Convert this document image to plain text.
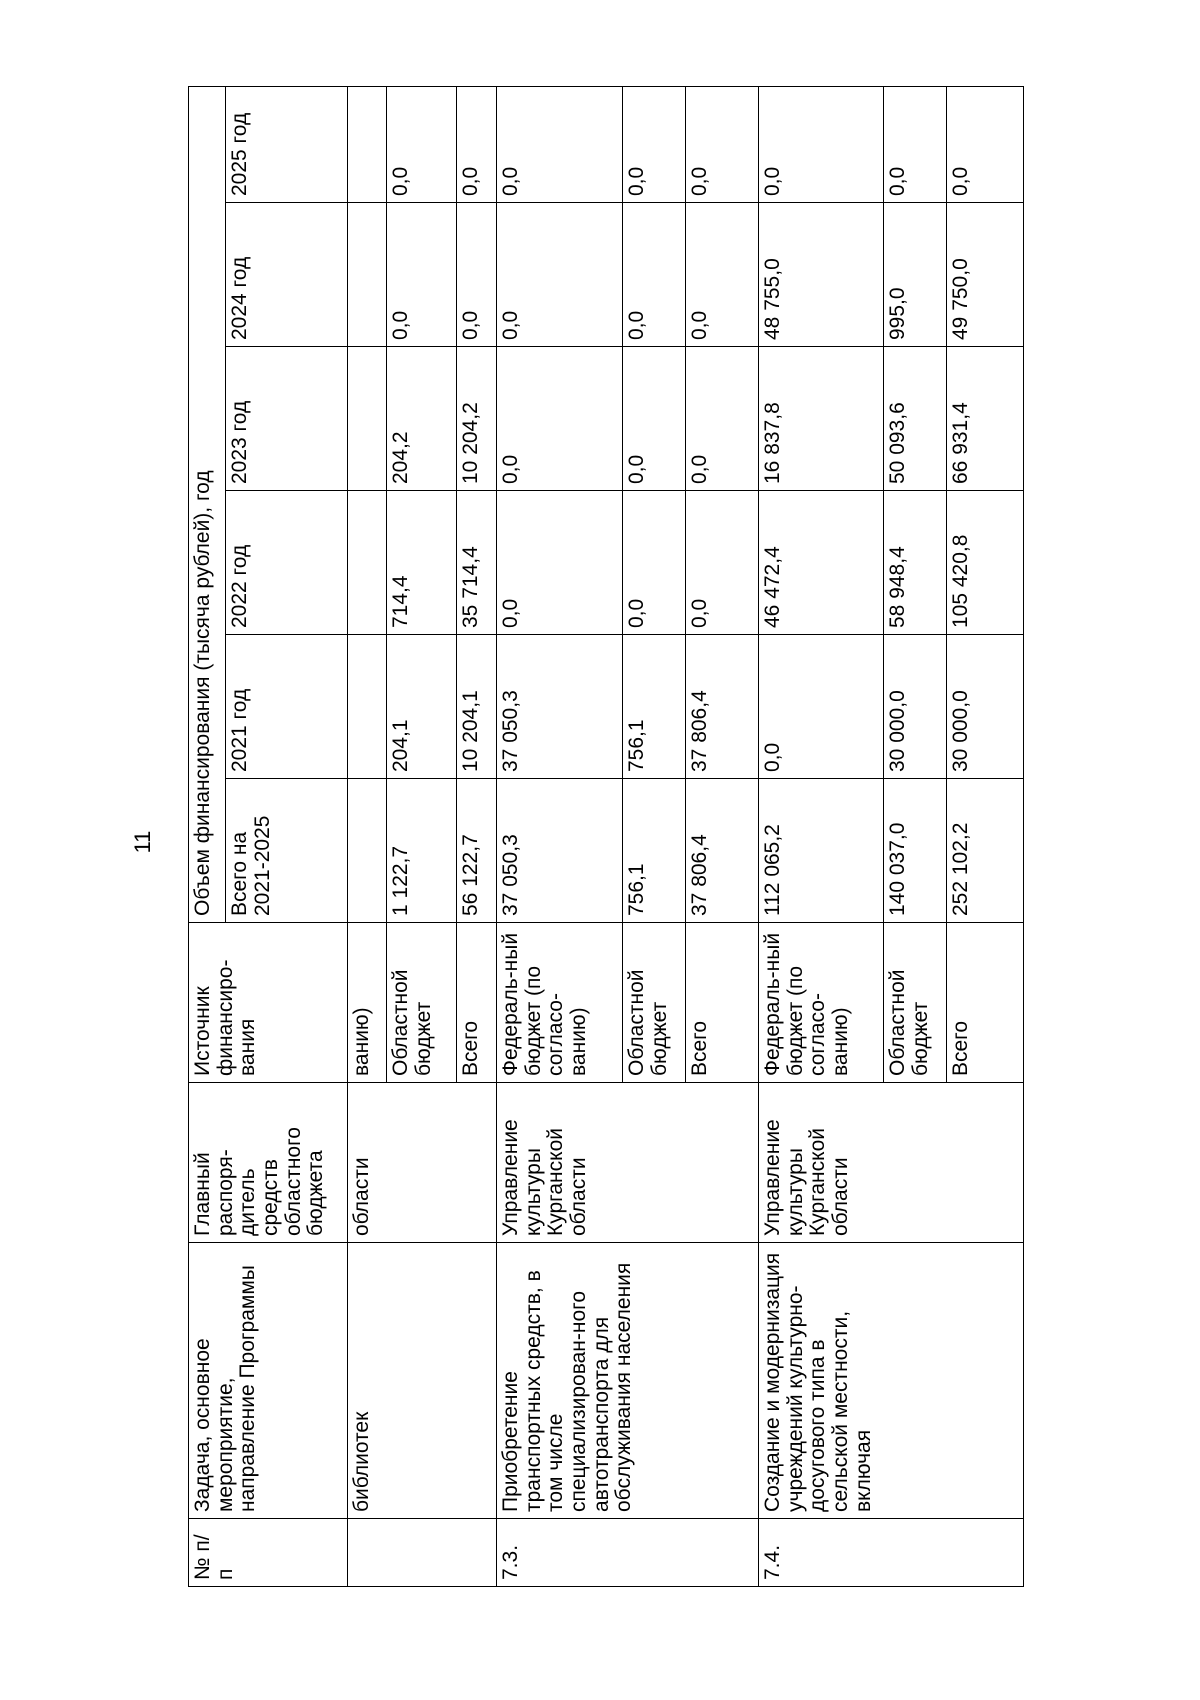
11
№ п/ п	Задача, основное мероприятие, направление Программы	Главный распоря-дитель средств областного бюджета	Источник финансиро-вания	Объем финансирования (тысяча рублей), год					
				Всего на 2021-2025	2021 год	2022 год	2023 год	2024 год	2025 год
	библиотек	области	ванию)						
			Областной бюджет	1 122,7	204,1	714,4	204,2	0,0	0,0
			Всего	56 122,7	10 204,1	35 714,4	10 204,2	0,0	0,0
7.3.	Приобретение транспортных средств, в том числе специализирован-ного автотранспорта для обслуживания населения	Управление культуры Курганской области	Федераль-ный бюджет (по согласо-ванию)	37 050,3	37 050,3	0,0	0,0	0,0	0,0
			Областной бюджет	756,1	756,1	0,0	0,0	0,0	0,0
			Всего	37 806,4	37 806,4	0,0	0,0	0,0	0,0
7.4.	Создание и модернизация учреждений культурно-досугового типа в сельской местности, включая	Управление культуры Курганской области	Федераль-ный бюджет (по согласо-ванию)	112 065,2	0,0	46 472,4	16 837,8	48 755,0	0,0
			Областной бюджет	140 037,0	30 000,0	58 948,4	50 093,6	995,0	0,0
			Всего	252 102,2	30 000,0	105 420,8	66 931,4	49 750,0	0,0
